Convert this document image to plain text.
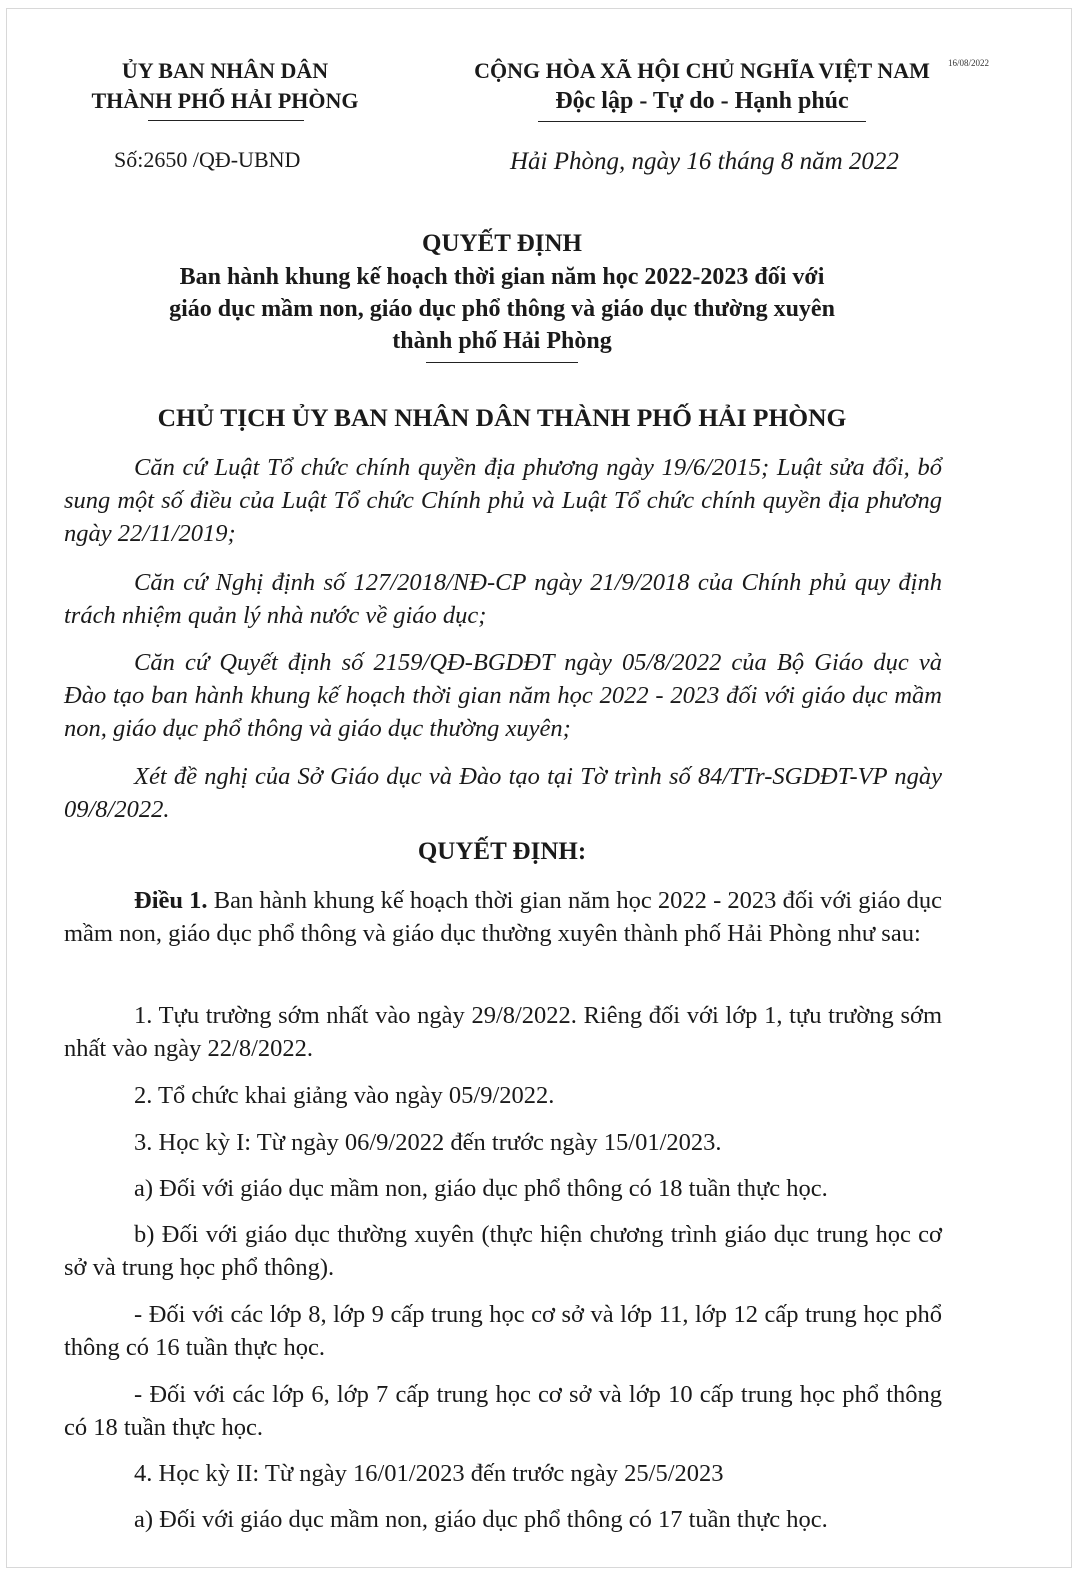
ỦY BAN NHÂN DÂN
THÀNH PHỐ HẢI PHÒNG
CỘNG HÒA XÃ HỘI CHỦ NGHĨA VIỆT NAM	16/08/2022
Độc lập - Tự do - Hạnh phúc
Số:2650 /QĐ-UBND	Hải Phòng, ngày 16 tháng 8 năm 2022
QUYẾT ĐỊNH
Ban hành khung kế hoạch thời gian năm học 2022-2023 đối với
giáo dục mầm non, giáo dục phổ thông và giáo dục thường xuyên
thành phố Hải Phòng
CHỦ TỊCH ỦY BAN NHÂN DÂN THÀNH PHỐ HẢI PHÒNG
Căn cứ Luật Tổ chức chính quyền địa phương ngày 19/6/2015; Luật sửa đổi, bổ sung một số điều của Luật Tổ chức Chính phủ và Luật Tổ chức chính quyền địa phương ngày 22/11/2019;
Căn cứ Nghị định số 127/2018/NĐ-CP ngày 21/9/2018 của Chính phủ quy định trách nhiệm quản lý nhà nước về giáo dục;
Căn cứ Quyết định số 2159/QĐ-BGDĐT ngày 05/8/2022 của Bộ Giáo dục và Đào tạo ban hành khung kế hoạch thời gian năm học 2022 - 2023 đối với giáo dục mầm non, giáo dục phổ thông và giáo dục thường xuyên;
Xét đề nghị của Sở Giáo dục và Đào tạo tại Tờ trình số 84/TTr-SGDĐT-VP ngày 09/8/2022.
QUYẾT ĐỊNH:
Điều 1. Ban hành khung kế hoạch thời gian năm học 2022 - 2023 đối với giáo dục mầm non, giáo dục phổ thông và giáo dục thường xuyên thành phố Hải Phòng như sau:
1. Tựu trường sớm nhất vào ngày 29/8/2022. Riêng đối với lớp 1, tựu trường sớm nhất vào ngày 22/8/2022.
2. Tổ chức khai giảng vào ngày 05/9/2022.
3. Học kỳ I: Từ ngày 06/9/2022 đến trước ngày 15/01/2023.
a) Đối với giáo dục mầm non, giáo dục phổ thông có 18 tuần thực học.
b) Đối với giáo dục thường xuyên (thực hiện chương trình giáo dục trung học cơ sở và trung học phổ thông).
- Đối với các lớp 8, lớp 9 cấp trung học cơ sở và lớp 11, lớp 12 cấp trung học phổ thông có 16 tuần thực học.
- Đối với các lớp 6, lớp 7 cấp trung học cơ sở và lớp 10 cấp trung học phổ thông có 18 tuần thực học.
4. Học kỳ II: Từ ngày 16/01/2023 đến trước ngày 25/5/2023
a) Đối với giáo dục mầm non, giáo dục phổ thông có 17 tuần thực học.
